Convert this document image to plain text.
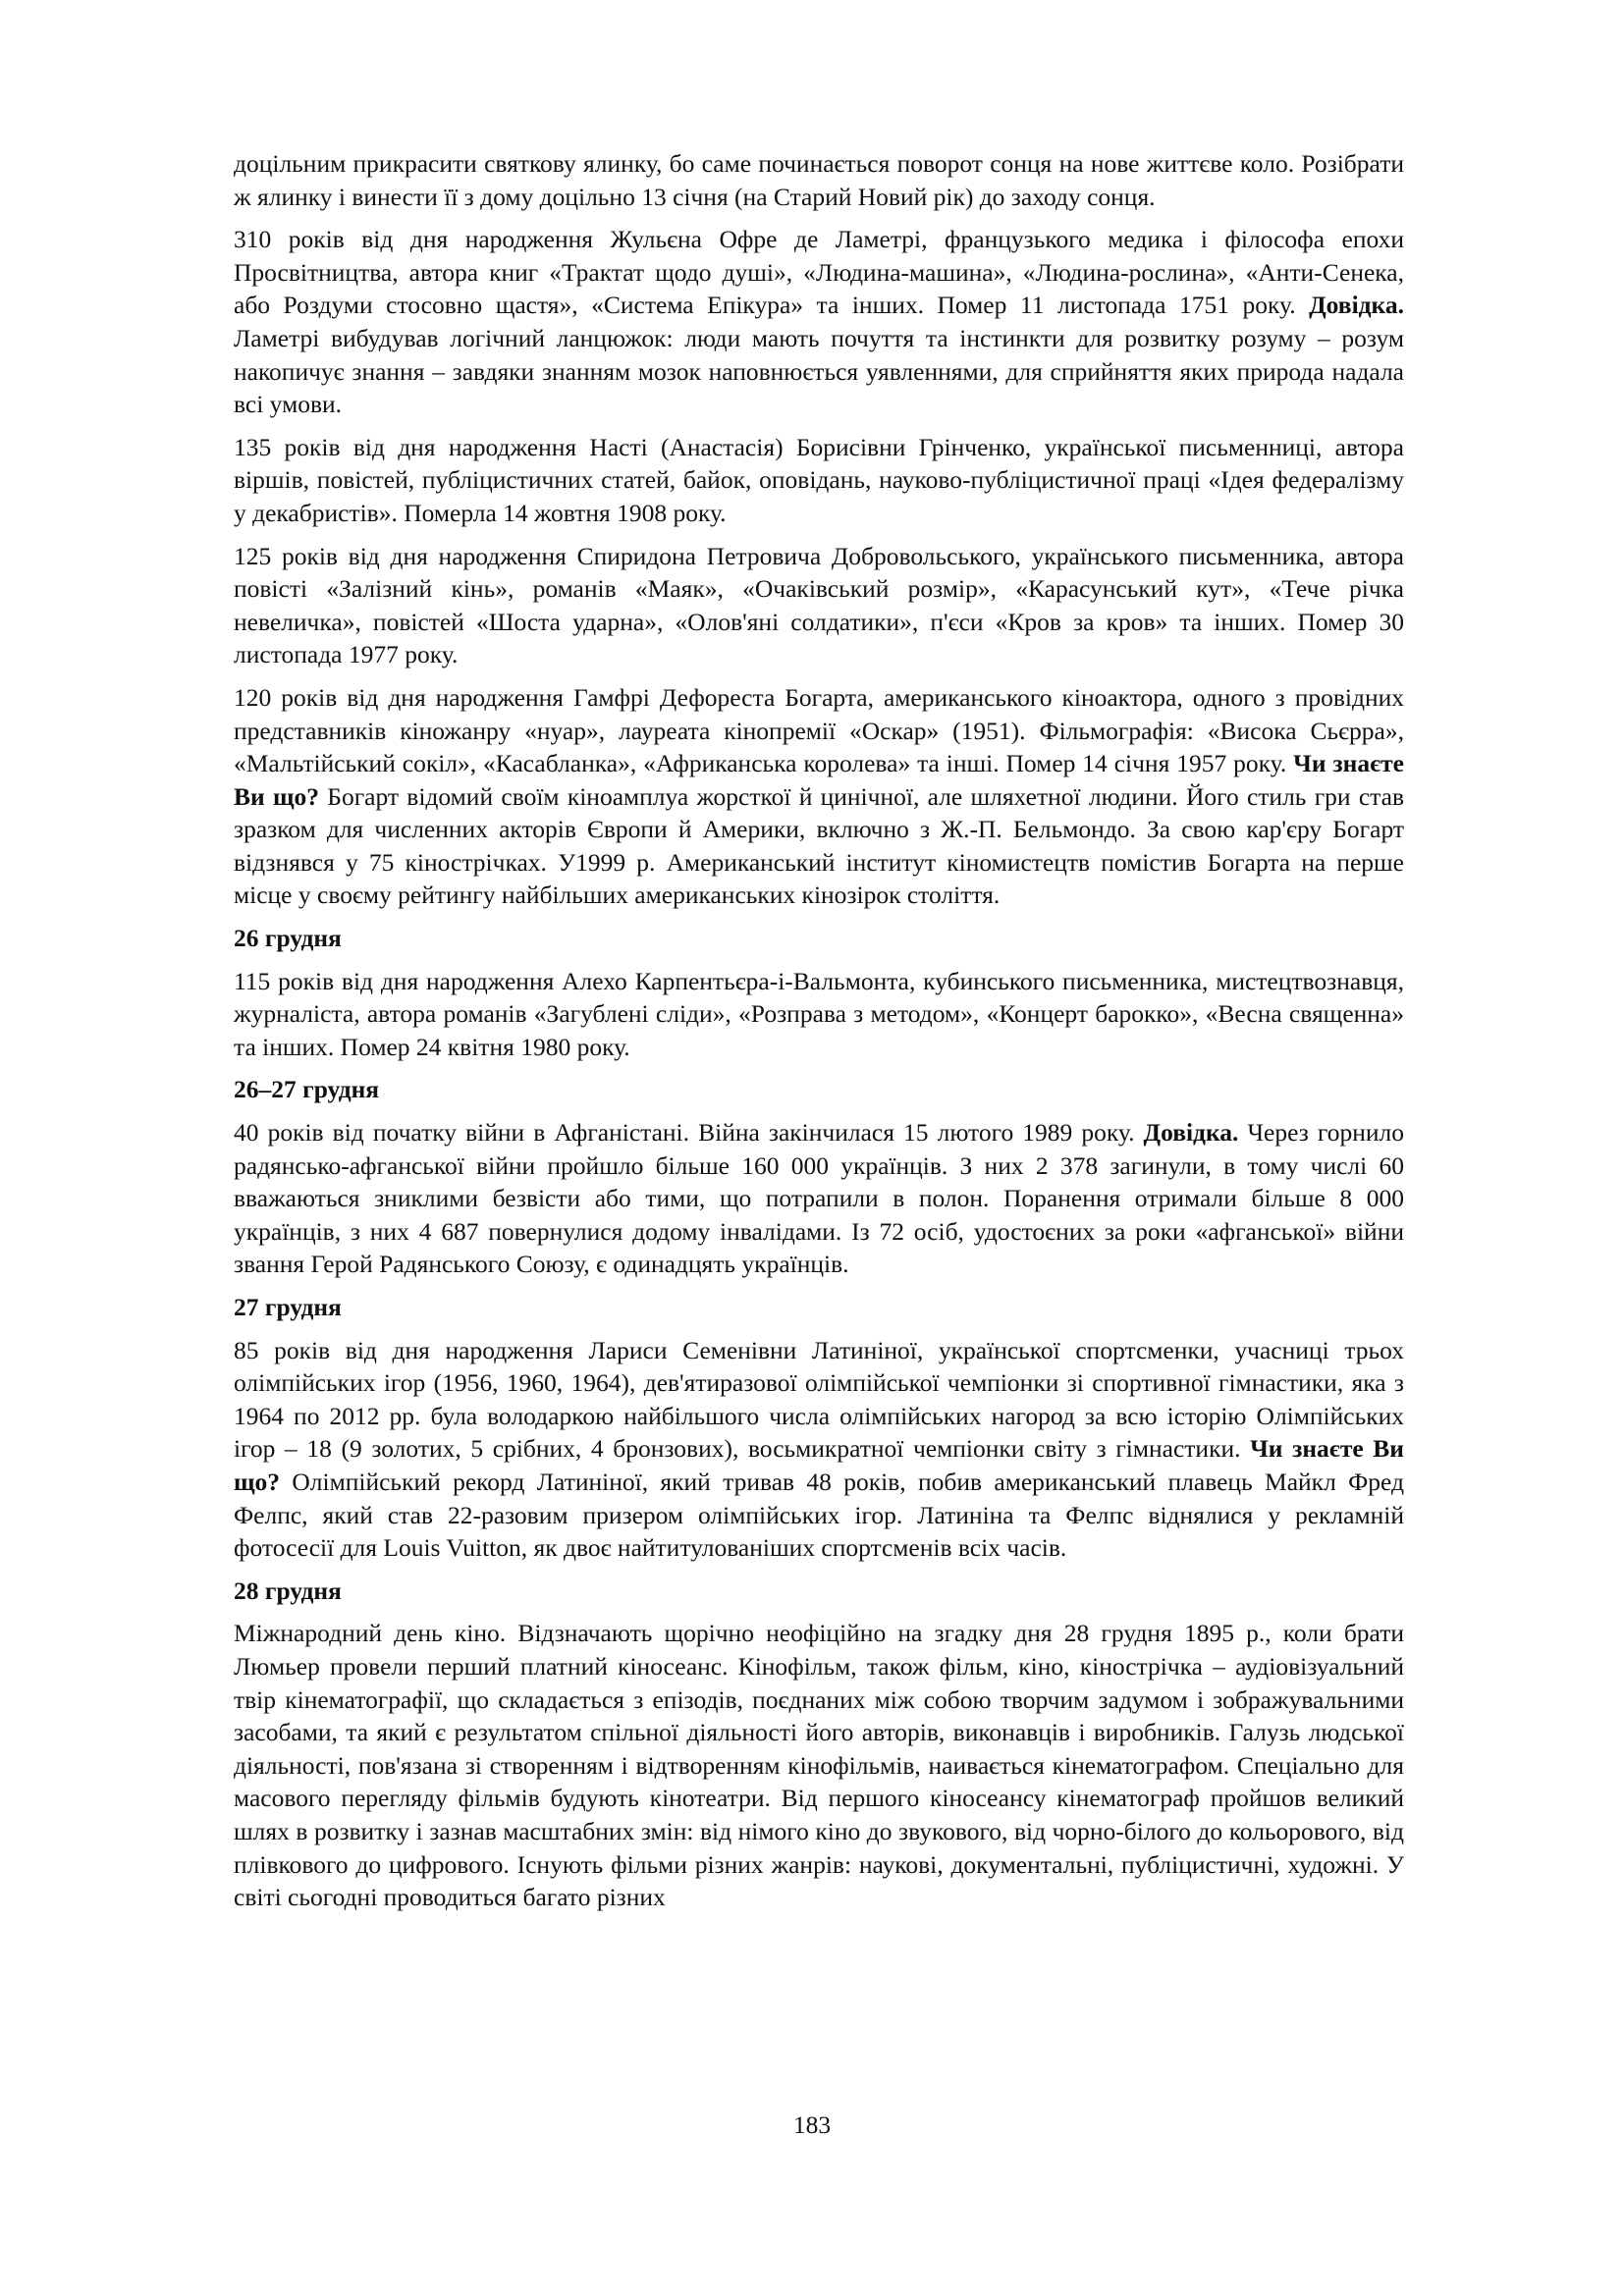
доцільним прикрасити святкову ялинку, бо саме починається поворот сонця на нове життєве коло. Розібрати ж ялинку і винести її з дому доцільно 13 січня (на Старий Новий рік) до заходу сонця.

310 років від дня народження Жульєна Офре де Ламетрі, французького медика і філософа епохи Просвітництва, автора книг «Трактат щодо душі», «Людина-машина», «Людина-рослина», «Анти-Сенека, або Роздуми стосовно щастя», «Система Епікура» та інших. Помер 11 листопада 1751 року. Довідка. Ламетрі вибудував логічний ланцюжок: люди мають почуття та інстинкти для розвитку розуму – розум накопичує знання – завдяки знанням мозок наповнюється уявленнями, для сприйняття яких природа надала всі умови.

135 років від дня народження Насті (Анастасія) Борисівни Грінченко, української письменниці, автора віршів, повістей, публіцистичних статей, байок, оповідань, науково-публіцистичної праці «Ідея федералізму у декабристів». Померла 14 жовтня 1908 року.

125 років від дня народження Спиридона Петровича Добровольського, українського письменника, автора повісті «Залізний кінь», романів «Маяк», «Очаківський розмір», «Карасунський кут», «Тече річка невеличка», повістей «Шоста ударна», «Олов'яні солдатики», п'єси «Кров за кров» та інших. Помер 30 листопада 1977 року.

120 років від дня народження Гамфрі Дефореста Богарта, американського кіноактора, одного з провідних представників кіножанру «нуар», лауреата кінопремії «Оскар» (1951). Фільмографія: «Висока Сьєрра», «Мальтійський сокіл», «Касабланка», «Африканська королева» та інші. Помер 14 січня 1957 року. Чи знаєте Ви що? Богарт відомий своїм кіноамплуа жорсткої й цинічної, але шляхетної людини. Його стиль гри став зразком для численних акторів Європи й Америки, включно з Ж.-П. Бельмондо. За свою кар'єру Богарт відзнявся у 75 кінострічках. У1999 р. Американський інститут кіномистецтв помістив Богарта на перше місце у своєму рейтингу найбільших американських кінозірок століття.

26 грудня

115 років від дня народження Алехо Карпентьєра-і-Вальмонта, кубинського письменника, мистецтвознавця, журналіста, автора романів «Загублені сліди», «Розправа з методом», «Концерт барокко», «Весна священна» та інших. Помер 24 квітня 1980 року.

26–27 грудня

40 років від початку війни в Афганістані. Війна закінчилася 15 лютого 1989 року. Довідка. Через горнило радянсько-афганської війни пройшло більше 160 000 українців. З них 2 378 загинули, в тому числі 60 вважаються зниклими безвісти або тими, що потрапили в полон. Поранення отримали більше 8 000 українців, з них 4 687 повернулися додому інвалідами. Із 72 осіб, удостоєних за роки «афганської» війни звання Герой Радянського Союзу, є одинадцять українців.

27 грудня

85 років від дня народження Лариси Семенівни Латиніної, української спортсменки, учасниці трьох олімпійських ігор (1956, 1960, 1964), дев'ятиразової олімпійської чемпіонки зі спортивної гімнастики, яка з 1964 по 2012 рр. була володаркою найбільшого числа олімпійських нагород за всю історію Олімпійських ігор – 18 (9 золотих, 5 срібних, 4 бронзових), восьмикратної чемпіонки світу з гімнастики. Чи знаєте Ви що? Олімпійський рекорд Латиніної, який тривав 48 років, побив американський плавець Майкл Фред Фелпс, який став 22-разовим призером олімпійських ігор. Латиніна та Фелпс віднялися у рекламній фотосесії для Louis Vuitton, як двоє найтитулованіших спортсменів всіх часів.

28 грудня

Міжнародний день кіно. Відзначають щорічно неофіційно на згадку дня 28 грудня 1895 р., коли брати Люмьер провели перший платний кіносеанс. Кінофільм, також фільм, кіно, кінострічка – аудіовізуальний твір кінематографії, що складається з епізодів, поєднаних між собою творчим задумом і зображувальними засобами, та який є результатом спільної діяльності його авторів, виконавців і виробників. Галузь людської діяльності, пов'язана зі створенням і відтворенням кінофільмів, наивається кінематографом. Спеціально для масового перегляду фільмів будують кінотеатри. Від першого кіносеансу кінематограф пройшов великий шлях в розвитку і зазнав масштабних змін: від німого кіно до звукового, від чорно-білого до кольорового, від плівкового до цифрового. Існують фільми різних жанрів: наукові, документальні, публіцистичні, художні. У світі сьогодні проводиться багато різних

183
